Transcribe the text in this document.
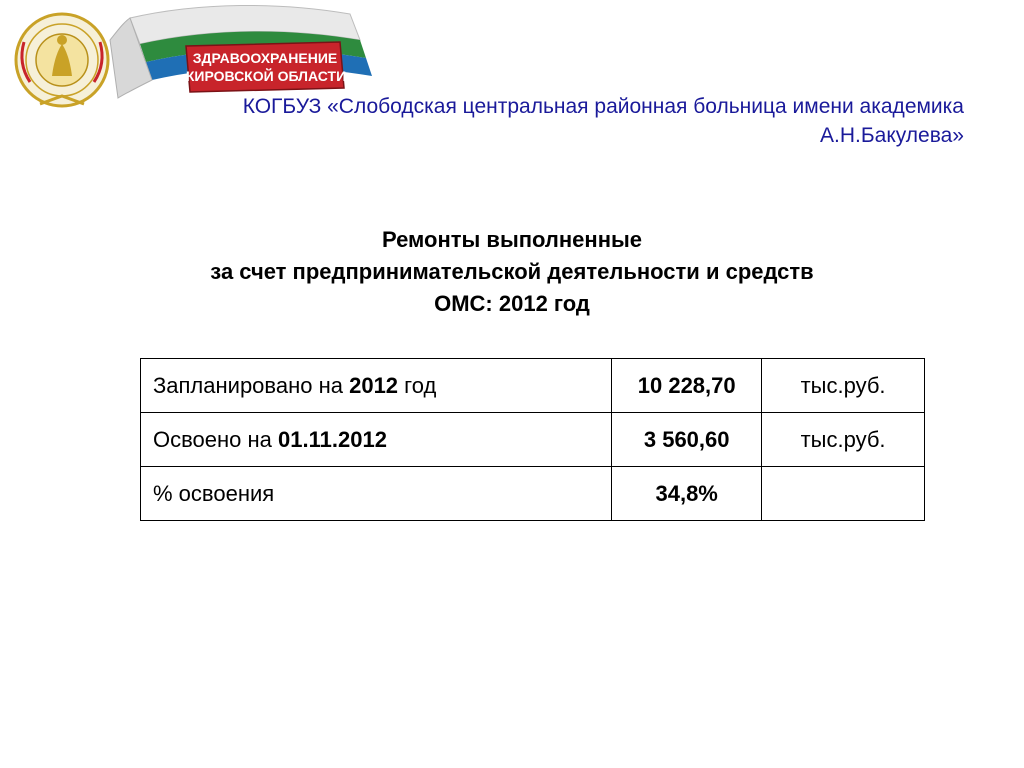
ЗДРАВООХРАНЕНИЕ
КИРОВСКОЙ ОБЛАСТИ
КОГБУЗ «Слободская центральная районная больница имени академика
А.Н.Бакулева»
Ремонты выполненные
за счет предпринимательской деятельности и средств
ОМС: 2012 год
Запланировано на 2012 год	10 228,70	тыс.руб.
Освоено на 01.11.2012	3 560,60	тыс.руб.
% освоения	34,8%	
